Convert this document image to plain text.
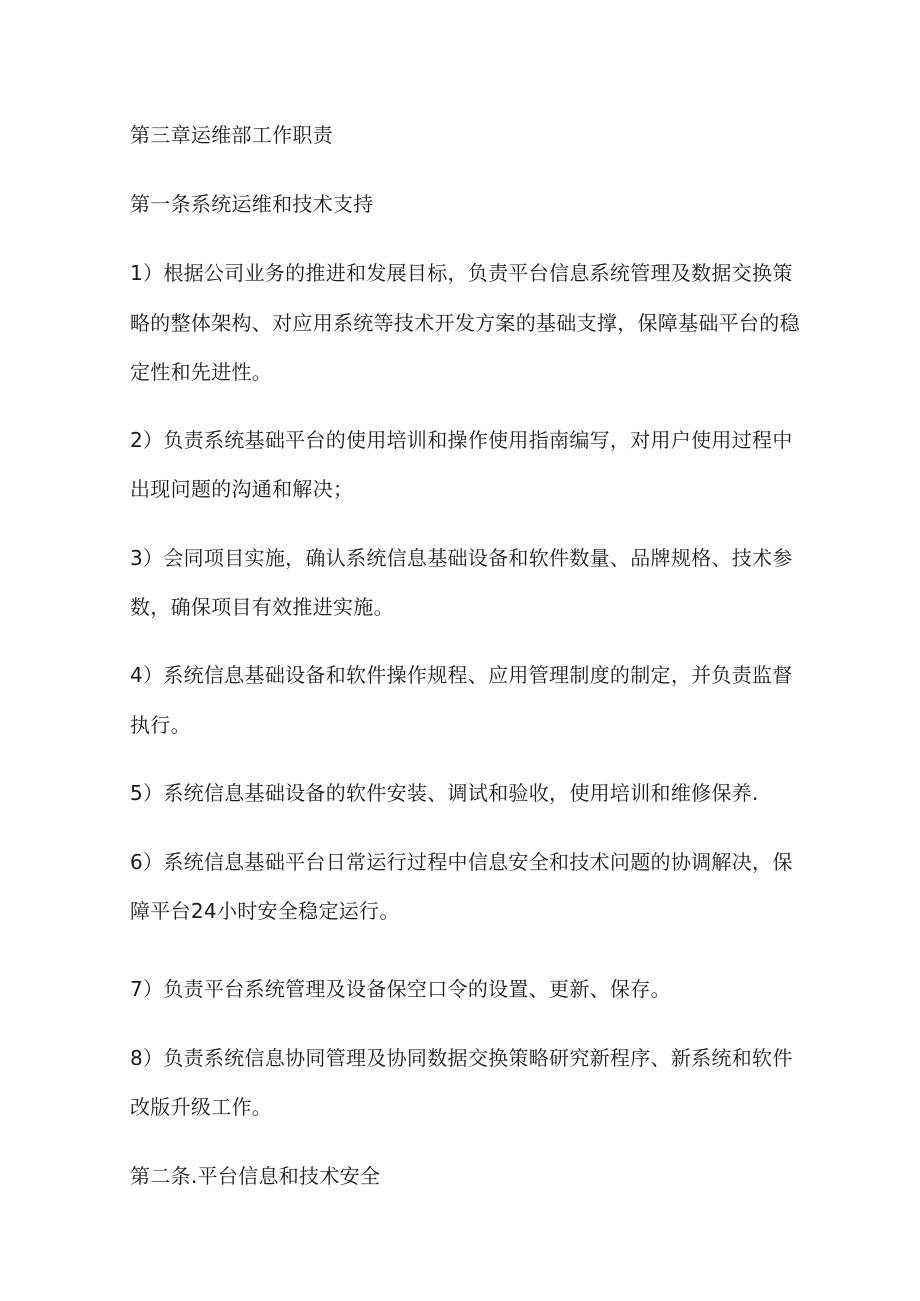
第三章运维部工作职责

第一条系统运维和技术支持

1）根据公司业务的推进和发展目标，负责平台信息系统管理及数据交换策

略的整体架构、对应用系统等技术开发方案的基础支撑，保障基础平台的稳

定性和先进性。

2）负责系统基础平台的使用培训和操作使用指南编写，对用户使用过程中

出现问题的沟通和解决；

3）会同项目实施，确认系统信息基础设备和软件数量、品牌规格、技术参

数，确保项目有效推进实施。

4）系统信息基础设备和软件操作规程、应用管理制度的制定，并负责监督

执行。

5）系统信息基础设备的软件安装、调试和验收，使用培训和维修保养.

6）系统信息基础平台日常运行过程中信息安全和技术问题的协调解决，保

障平台24小时安全稳定运行。

7）负责平台系统管理及设备保空口令的设置、更新、保存。

8）负责系统信息协同管理及协同数据交换策略研究新程序、新系统和软件

改版升级工作。

第二条.平台信息和技术安全
